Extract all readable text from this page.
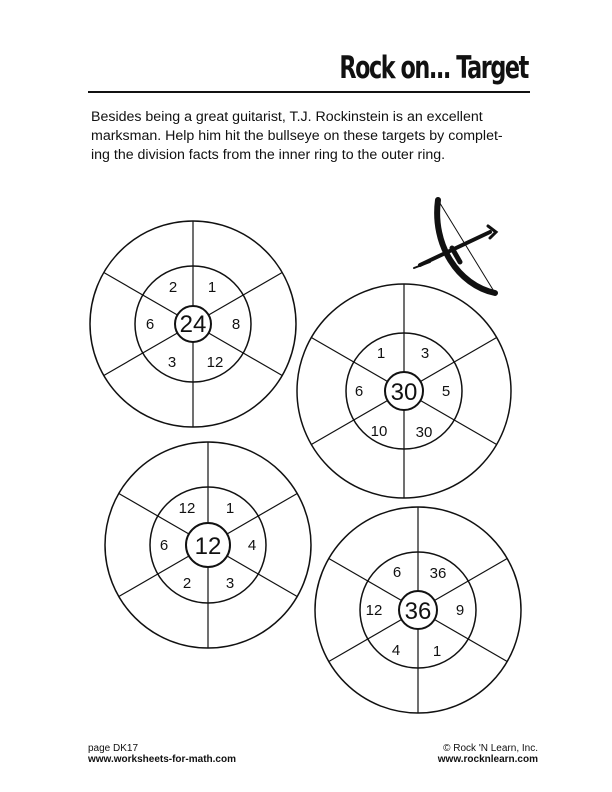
Rock on... Target
Besides being a great guitarist, T.J. Rockinstein is an excellent
marksman. Help him hit the bullseye on these targets by complet-
ing the division facts from the inner ring to the outer ring.
24
1
8
12
3
6
2
30
3
5
30
10
6
1
12
1
4
3
2
6
12
36
36
9
1
4
12
6
page DK17
www.worksheets-for-math.com
© Rock 'N Learn, Inc.
www.rocknlearn.com
